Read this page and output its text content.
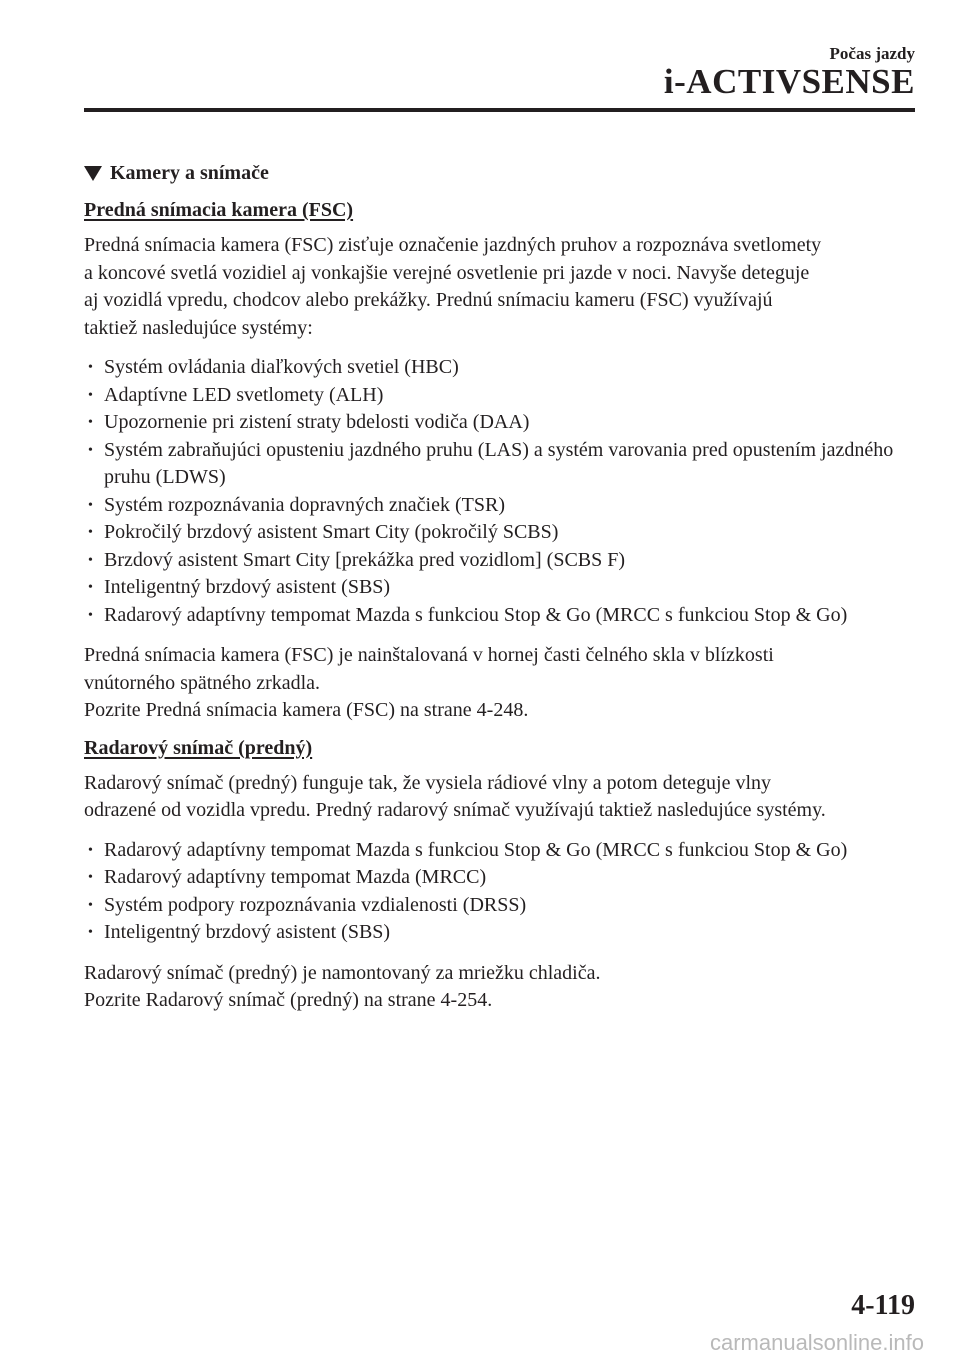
Počas jazdy
i-ACTIVSENSE
Kamery a snímače
Predná snímacia kamera (FSC)

Predná snímacia kamera (FSC) zisťuje označenie jazdných pruhov a rozpoznáva svetlomety
a koncové svetlá vozidiel aj vonkajšie verejné osvetlenie pri jazde v noci. Navyše deteguje
aj vozidlá vpredu, chodcov alebo prekážky. Prednú snímaciu kameru (FSC) využívajú
taktiež nasledujúce systémy:

• Systém ovládania diaľkových svetiel (HBC)
• Adaptívne LED svetlomety (ALH)
• Upozornenie pri zistení straty bdelosti vodiča (DAA)
• Systém zabraňujúci opusteniu jazdného pruhu (LAS) a systém varovania pred opustením jazdného pruhu (LDWS)
• Systém rozpoznávania dopravných značiek (TSR)
• Pokročilý brzdový asistent Smart City (pokročilý SCBS)
• Brzdový asistent Smart City [prekážka pred vozidlom] (SCBS F)
• Inteligentný brzdový asistent (SBS)
• Radarový adaptívny tempomat Mazda s funkciou Stop & Go (MRCC s funkciou Stop & Go)

Predná snímacia kamera (FSC) je nainštalovaná v hornej časti čelného skla v blízkosti
vnútorného spätného zrkadla.
Pozrite Predná snímacia kamera (FSC) na strane 4-248.

Radarový snímač (predný)

Radarový snímač (predný) funguje tak, že vysiela rádiové vlny a potom deteguje vlny
odrazené od vozidla vpredu. Predný radarový snímač využívajú taktiež nasledujúce systémy.

• Radarový adaptívny tempomat Mazda s funkciou Stop & Go (MRCC s funkciou Stop & Go)
• Radarový adaptívny tempomat Mazda (MRCC)
• Systém podpory rozpoznávania vzdialenosti (DRSS)
• Inteligentný brzdový asistent (SBS)

Radarový snímač (predný) je namontovaný za mriežku chladiča.
Pozrite Radarový snímač (predný) na strane 4-254.

4-119
carmanualsonline.info
